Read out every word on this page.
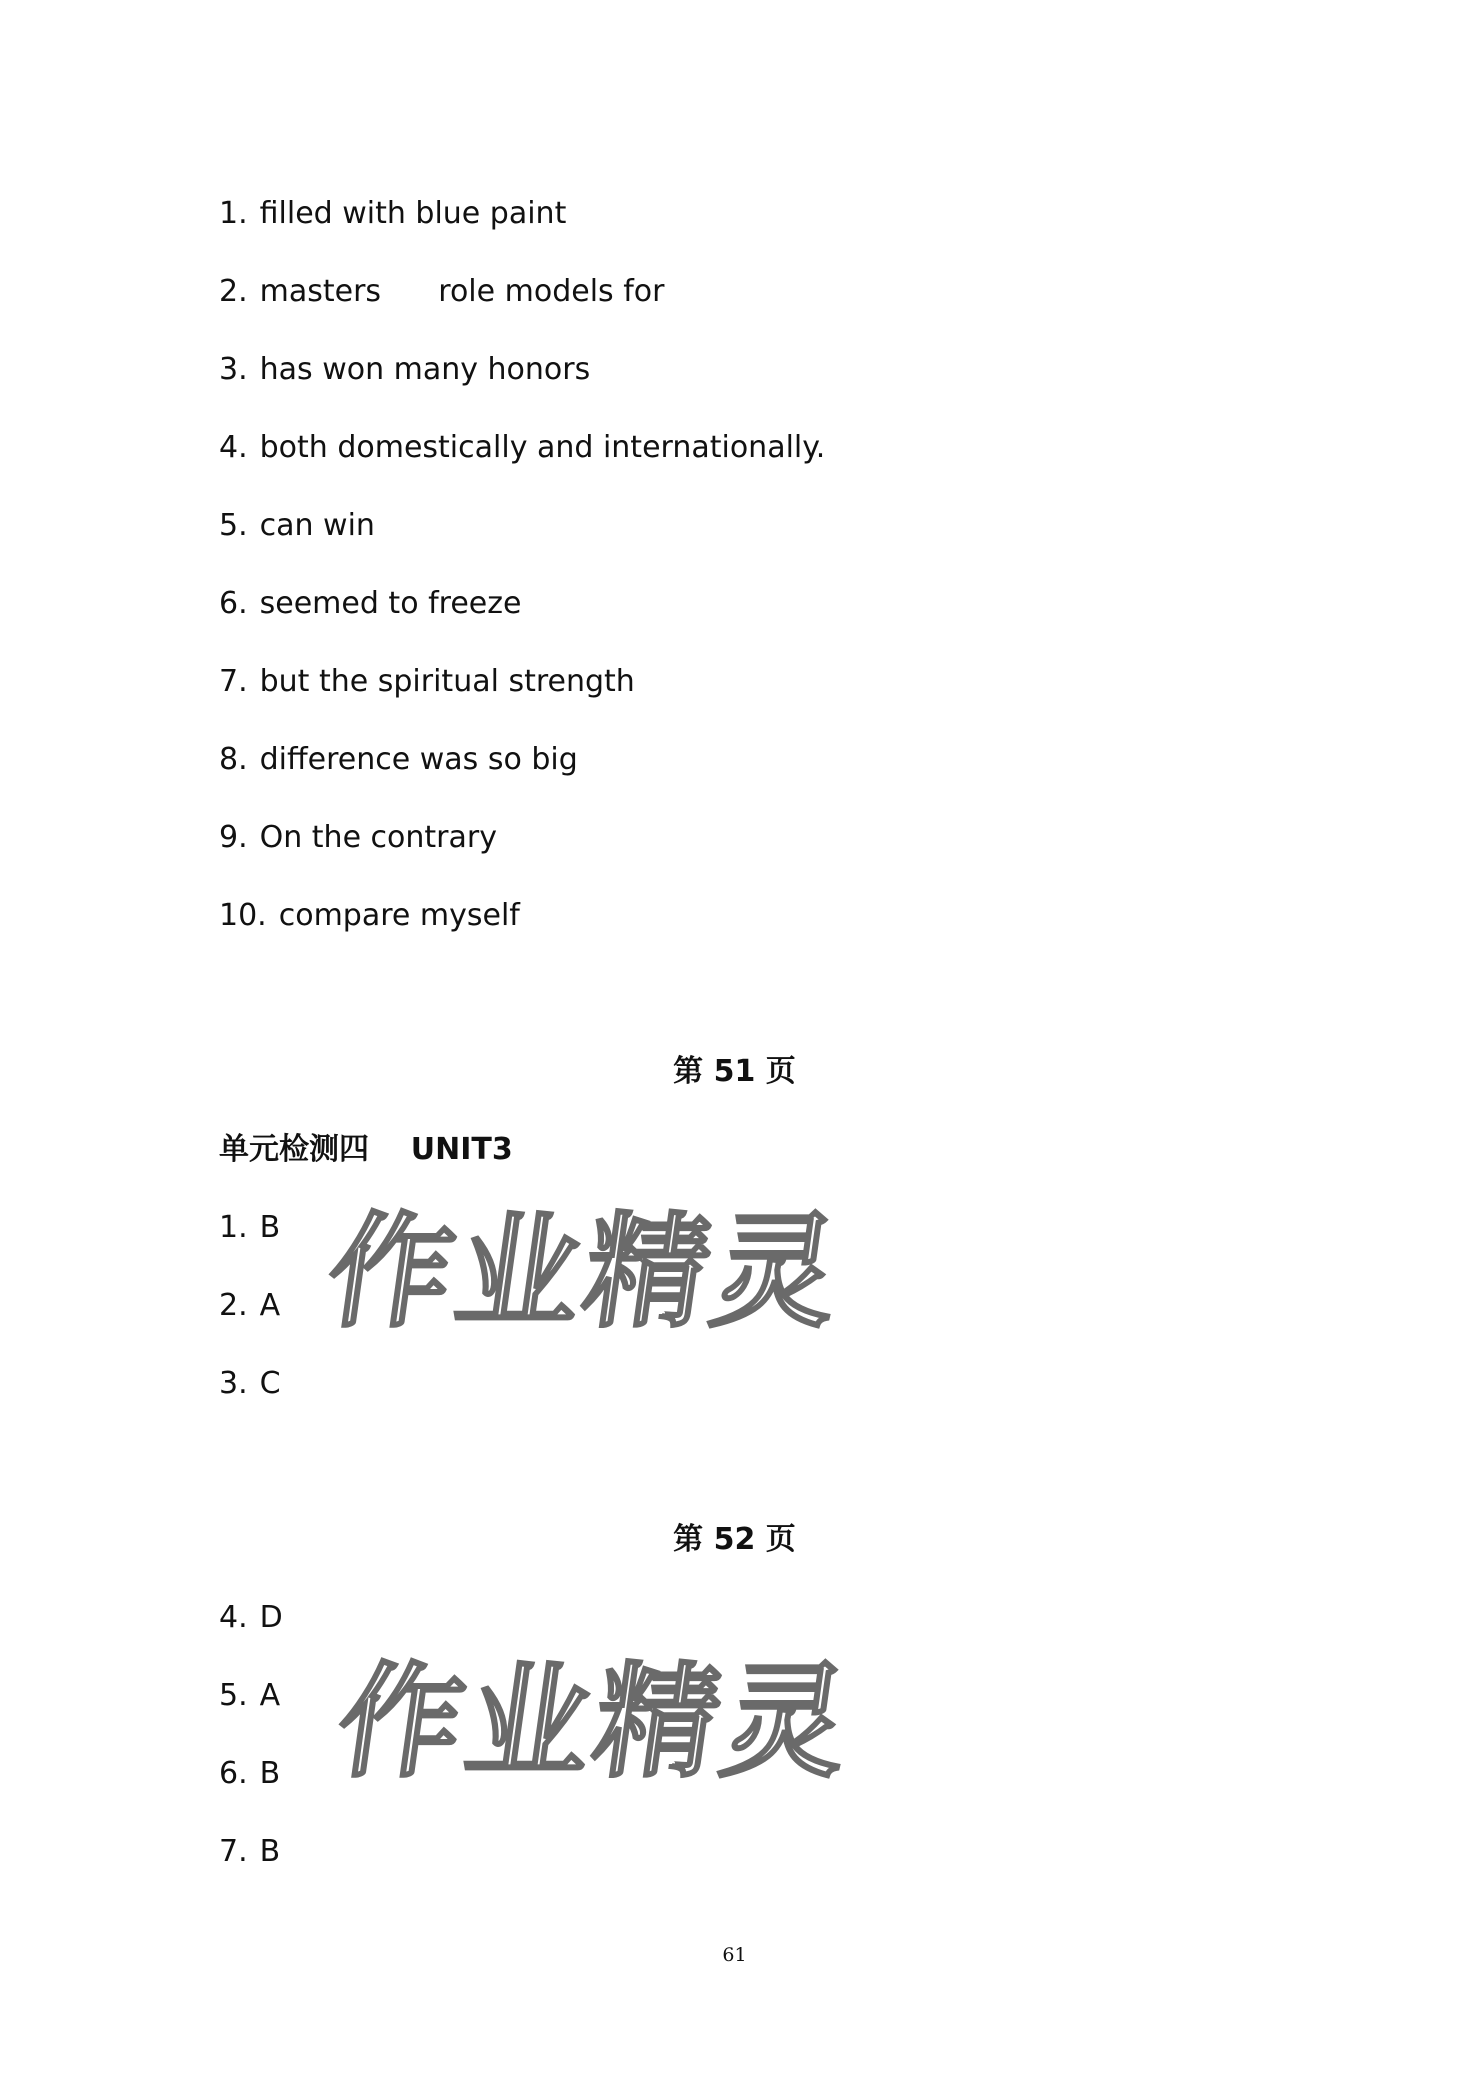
1. filled with blue paint
2. masters      role models for
3. has won many honors
4. both domestically and internationally.
5. can win
6. seemed to freeze
7. but the spiritual strength
8. difference was so big
9. On the contrary
10. compare myself
第 51 页
单元检测四    UNIT3
1. B
2. A
3. C
作业精灵
第 52 页
4. D
5. A
6. B
7. B
作业精灵
61
